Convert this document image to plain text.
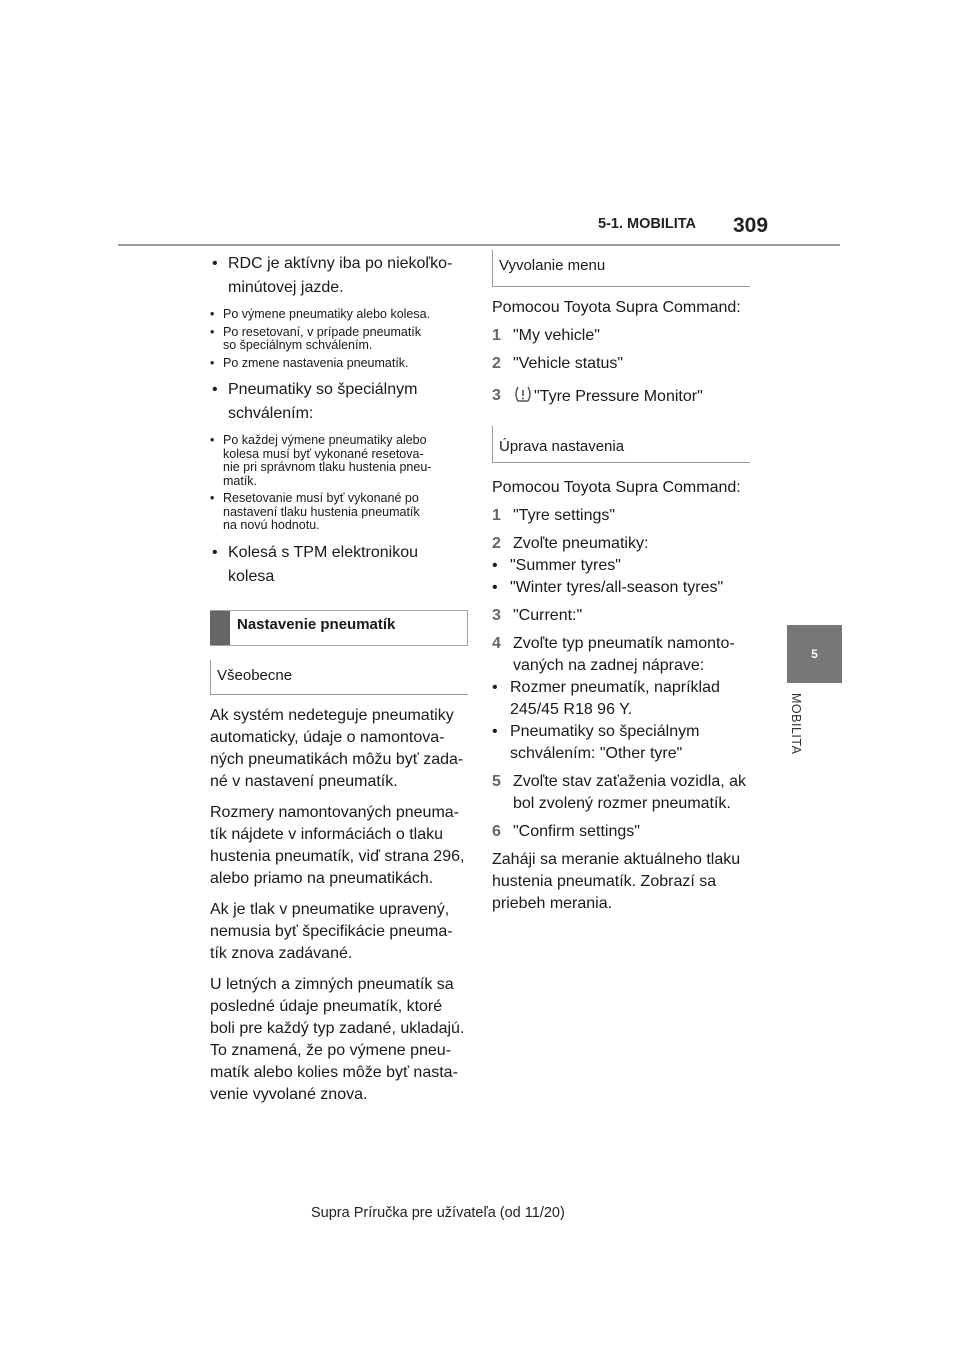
5-1. MOBILITA 309
5
MOBILITA
• RDC je aktívny iba po niekoľko-
minútovej jazde.
• Po výmene pneumatiky alebo kolesa.
• Po resetovaní, v prípade pneumatík
so špeciálnym schválením.
• Po zmene nastavenia pneumatík.
• Pneumatiky so špeciálnym
schválením:
• Po každej výmene pneumatiky alebo
kolesa musí byť vykonané resetova-
nie pri správnom tlaku hustenia pneu-
matík.
• Resetovanie musí byť vykonané po
nastavení tlaku hustenia pneumatík
na novú hodnotu.
• Kolesá s TPM elektronikou kolesa
Nastavenie pneumatík
Všeobecne
Ak systém nedeteguje pneumatiky
automaticky, údaje o namontova-
ných pneumatikách môžu byť zada-
né v nastavení pneumatík.
Rozmery namontovaných pneuma-
tík nájdete v informáciách o tlaku
hustenia pneumatík, viď strana 296,
alebo priamo na pneumatikách.
Ak je tlak v pneumatike upravený,
nemusia byť špecifikácie pneuma-
tík znova zadávané.
U letných a zimných pneumatík sa
posledné údaje pneumatík, ktoré
boli pre každý typ zadané, ukladajú.
To znamená, že po výmene pneu-
matík alebo kolies môže byť nasta-
venie vyvolané znova.
Vyvolanie menu
Pomocou Toyota Supra Command:
1 "My vehicle"
2 "Vehicle status"
3 "Tyre Pressure Monitor"
Úprava nastavenia
Pomocou Toyota Supra Command:
1 "Tyre settings"
2 Zvoľte pneumatiky:
• "Summer tyres"
• "Winter tyres/all-season tyres"
3 "Current:"
4 Zvoľte typ pneumatík namonto-
vaných na zadnej náprave:
• Rozmer pneumatík, napríklad
245/45 R18 96 Y.
• Pneumatiky so špeciálnym
schválením: "Other tyre"
5 Zvoľte stav zaťaženia vozidla, ak
bol zvolený rozmer pneumatík.
6 "Confirm settings"
Zaháji sa meranie aktuálneho tlaku
hustenia pneumatík. Zobrazí sa
priebeh merania.
Supra Príručka pre užívateľa (od 11/20)
